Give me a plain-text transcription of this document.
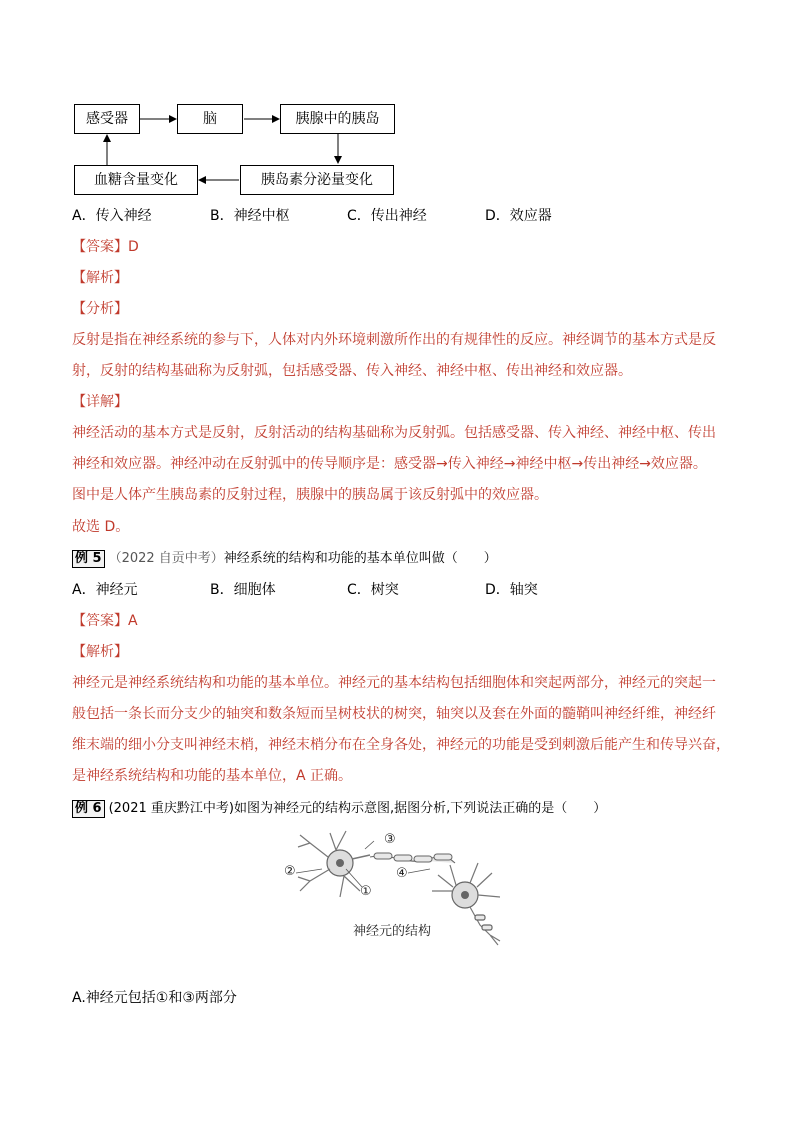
感受器	脑	胰腺中的胰岛
胰岛素分泌量变化
血糖含量变化
A．传入神经	B．神经中枢	C．传出神经	D．效应器
【答案】D
【解析】
【分析】
反射是指在神经系统的参与下，人体对内外环境刺激所作出的有规律性的反应。神经调节的基本方式是反
射，反射的结构基础称为反射弧，包括感受器、传入神经、神经中枢、传出神经和效应器。
【详解】
神经活动的基本方式是反射，反射活动的结构基础称为反射弧。包括感受器、传入神经、神经中枢、传出
神经和效应器。神经冲动在反射弧中的传导顺序是：感受器→传入神经→神经中枢→传出神经→效应器。
图中是人体产生胰岛素的反射过程，胰腺中的胰岛属于该反射弧中的效应器。
故选 D。
例 5 （2022 自贡中考）神经系统的结构和功能的基本单位叫做（　　）
A．神经元	B．细胞体	C．树突	D．轴突
【答案】A
【解析】
神经元是神经系统结构和功能的基本单位。神经元的基本结构包括细胞体和突起两部分，神经元的突起一
般包括一条长而分支少的轴突和数条短而呈树枝状的树突，轴突以及套在外面的髓鞘叫神经纤维，神经纤
维末端的细小分支叫神经末梢，神经末梢分布在全身各处，神经元的功能是受到刺激后能产生和传导兴奋，
是神经系统结构和功能的基本单位，A 正确。
例 6 (2021 重庆黔江中考)如图为神经元的结构示意图,据图分析,下列说法正确的是（　　）
②
①
③
④
神经元的结构
A.神经元包括①和③两部分
